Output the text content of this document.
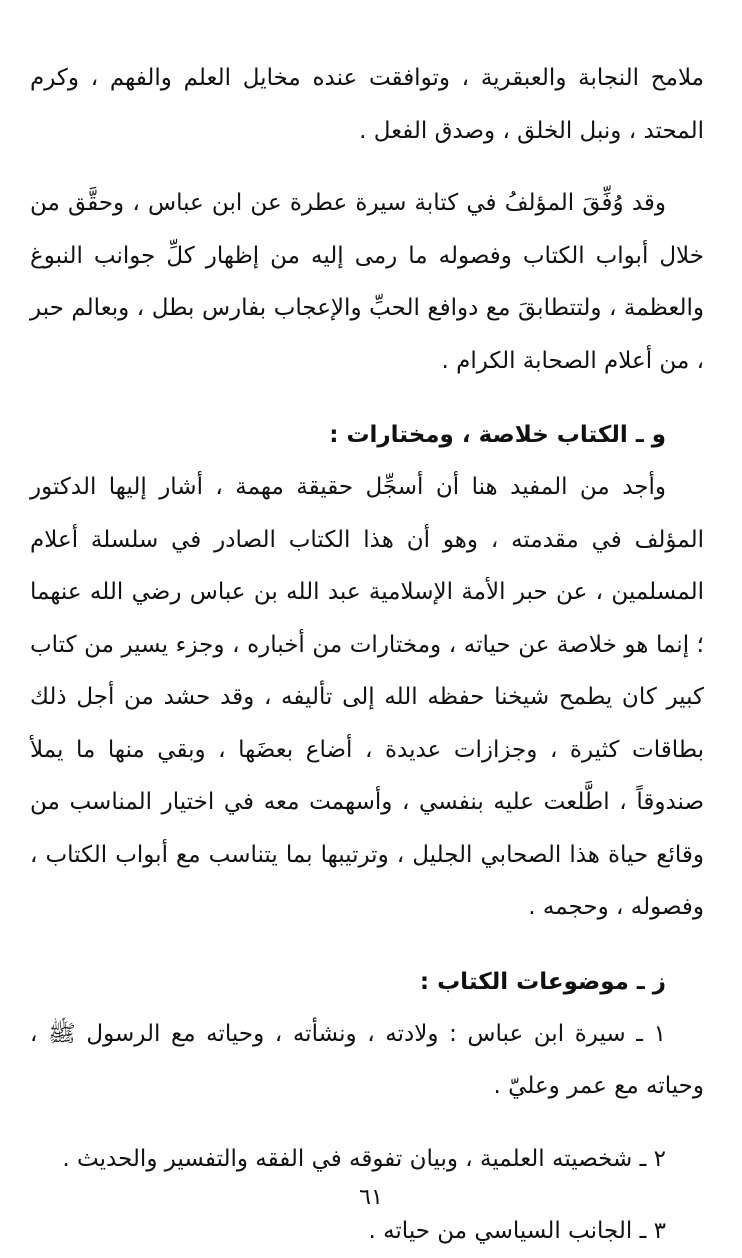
ملامح النجابة والعبقرية ، وتوافقت عنده مخايل العلم والفهم ، وكرم المحتد ، ونبل الخلق ، وصدق الفعل .

وقد وُفِّقَ المؤلفُ في كتابة سيرة عطرة عن ابن عباس ، وحقَّق من خلال أبواب الكتاب وفصوله ما رمى إليه من إظهار كلِّ جوانب النبوغ والعظمة ، ولتتطابقَ مع دوافع الحبِّ والإعجاب بفارس بطل ، وبعالم حبر ، من أعلام الصحابة الكرام .

و ـ الكتاب خلاصة ، ومختارات :

وأجد من المفيد هنا أن أسجِّل حقيقة مهمة ، أشار إليها الدكتور المؤلف في مقدمته ، وهو أن هذا الكتاب الصادر في سلسلة أعلام المسلمين ، عن حبر الأمة الإسلامية عبد الله بن عباس رضي الله عنهما ؛ إنما هو خلاصة عن حياته ، ومختارات من أخباره ، وجزء يسير من كتاب كبير كان يطمح شيخنا حفظه الله إلى تأليفه ، وقد حشد من أجل ذلك بطاقات كثيرة ، وجزازات عديدة ، أضاع بعضَها ، وبقي منها ما يملأ صندوقاً ، اطَّلعت عليه بنفسي ، وأسهمت معه في اختيار المناسب من وقائع حياة هذا الصحابي الجليل ، وترتيبها بما يتناسب مع أبواب الكتاب ، وفصوله ، وحجمه .

ز ـ موضوعات الكتاب :

١ ـ سيرة ابن عباس : ولادته ، ونشأته ، وحياته مع الرسول ﷺ ، وحياته مع عمر وعليّ .

٢ ـ شخصيته العلمية ، وبيان تفوقه في الفقه والتفسير والحديث .

٣ ـ الجانب السياسي من حياته .

٦١
